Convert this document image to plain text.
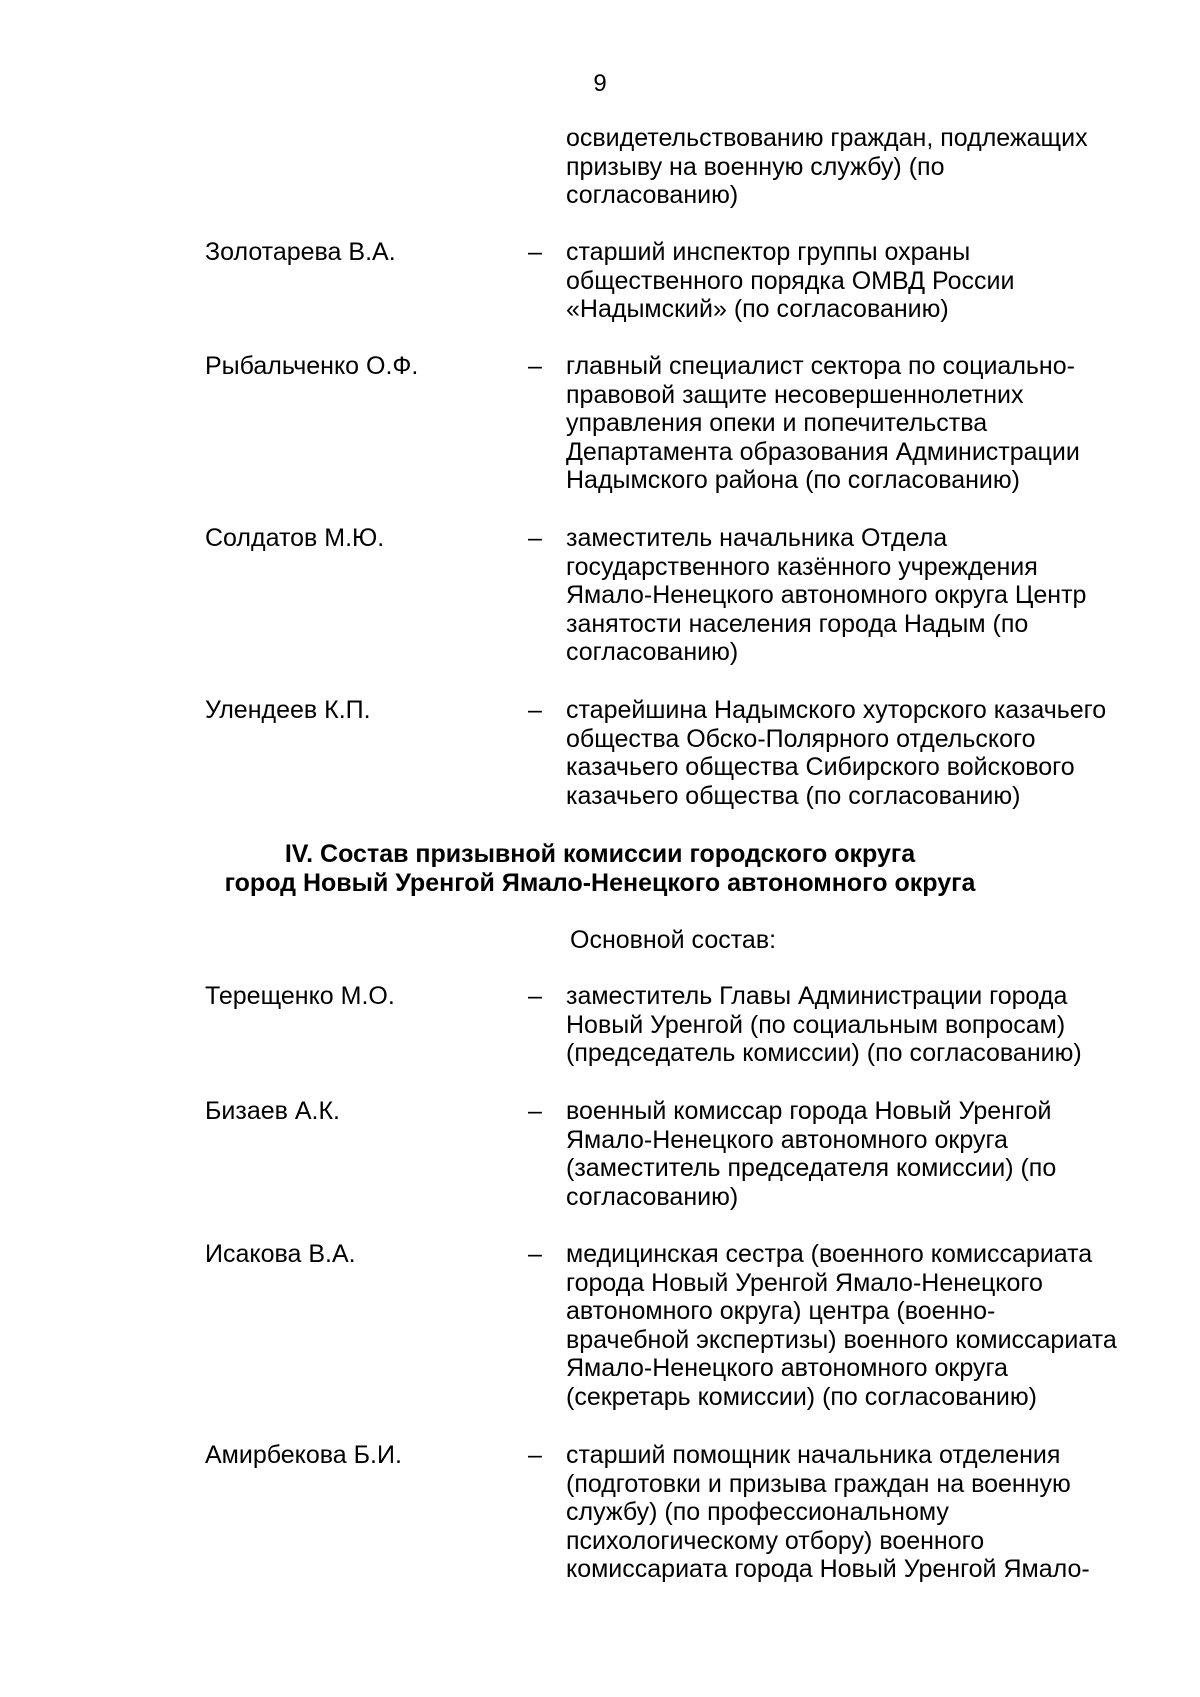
9
освидетельствованию граждан, подлежащих
призыву на военную службу) (по
согласованию)
Золотарева В.А.	– старший инспектор группы охраны
общественного порядка ОМВД России
«Надымский» (по согласованию)
Рыбальченко О.Ф.	– главный специалист сектора по социально-
правовой защите несовершеннолетних
управления опеки и попечительства
Департамента образования Администрации
Надымского района (по согласованию)
Солдатов М.Ю.	– заместитель начальника Отдела
государственного казённого учреждения
Ямало-Ненецкого автономного округа Центр
занятости населения города Надым (по
согласованию)
Улендеев К.П.	– старейшина Надымского хуторского казачьего
общества Обско-Полярного отдельского
казачьего общества Сибирского войскового
казачьего общества (по согласованию)
IV. Состав призывной комиссии городского округа
город Новый Уренгой Ямало-Ненецкого автономного округа
Основной состав:
Терещенко М.О.	– заместитель Главы Администрации города
Новый Уренгой (по социальным вопросам)
(председатель комиссии) (по согласованию)
Бизаев А.К.	– военный комиссар города Новый Уренгой
Ямало-Ненецкого автономного округа
(заместитель председателя комиссии) (по
согласованию)
Исакова В.А.	– медицинская сестра (военного комиссариата
города Новый Уренгой Ямало-Ненецкого
автономного округа) центра (военно-
врачебной экспертизы) военного комиссариата
Ямало-Ненецкого автономного округа
(секретарь комиссии) (по согласованию)
Амирбекова Б.И.	– старший помощник начальника отделения
(подготовки и призыва граждан на военную
службу) (по профессиональному
психологическому отбору) военного
комиссариата города Новый Уренгой Ямало-
